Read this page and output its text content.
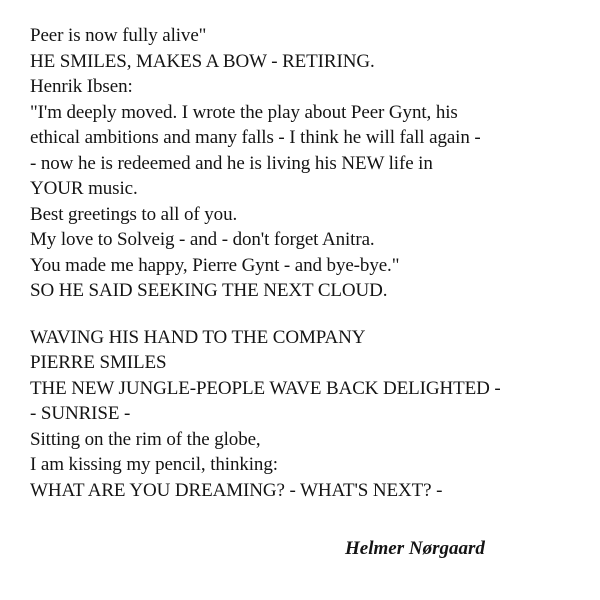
Peer is now fully alive"
HE SMILES, MAKES A BOW - RETIRING.
Henrik Ibsen:
"I'm deeply moved. I wrote the play about Peer Gynt, his
ethical ambitions and many falls - I think he will fall again -
- now he is redeemed and he is living his NEW life in
YOUR music.
Best greetings to all of you.
My love to Solveig - and - don't forget Anitra.
You made me happy, Pierre Gynt - and bye-bye."
SO HE SAID SEEKING THE NEXT CLOUD.
WAVING HIS HAND TO THE COMPANY
PIERRE SMILES
THE NEW JUNGLE-PEOPLE WAVE BACK DELIGHTED -
- SUNRISE -
Sitting on the rim of the globe,
I am kissing my pencil, thinking:
WHAT ARE YOU DREAMING? - WHAT'S NEXT? -
Helmer Nørgaard
